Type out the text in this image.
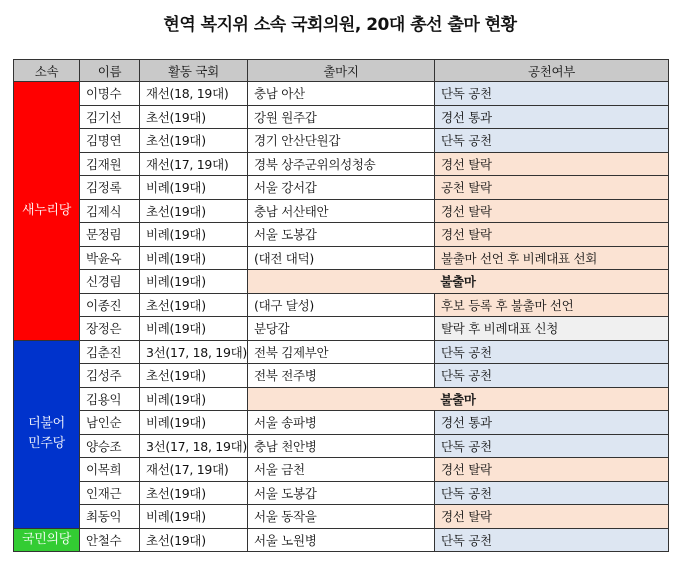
현역 복지위 소속 국회의원, 20대 총선 출마 현황
소속	이름	활동 국회	출마지	공천여부
새누리당	이명수	재선(18, 19대)	충남 아산	단독 공천
	김기선	초선(19대)	강원 원주갑	경선 통과
	김명연	초선(19대)	경기 안산단원갑	단독 공천
	김재원	재선(17, 19대)	경북 상주군위의성청송	경선 탈락
	김정록	비례(19대)	서울 강서갑	공천 탈락
	김제식	초선(19대)	충남 서산태안	경선 탈락
	문정림	비례(19대)	서울 도봉갑	경선 탈락
	박윤옥	비례(19대)	(대전 대덕)	불출마 선언 후 비례대표 선회
	신경림	비례(19대)	불출마	
	이종진	초선(19대)	(대구 달성)	후보 등록 후 불출마 선언
	장정은	비례(19대)	분당갑	탈락 후 비례대표 신청
더불어
민주당	김춘진	3선(17, 18, 19대)	전북 김제부안	단독 공천
	김성주	초선(19대)	전북 전주병	단독 공천
	김용익	비례(19대)	불출마	
	남인순	비례(19대)	서울 송파병	경선 통과
	양승조	3선(17, 18, 19대)	충남 천안병	단독 공천
	이목희	재선(17, 19대)	서울 금천	경선 탈락
	인재근	초선(19대)	서울 도봉갑	단독 공천
	최동익	비례(19대)	서울 동작을	경선 탈락
국민의당	안철수	초선(19대)	서울 노원병	단독 공천
